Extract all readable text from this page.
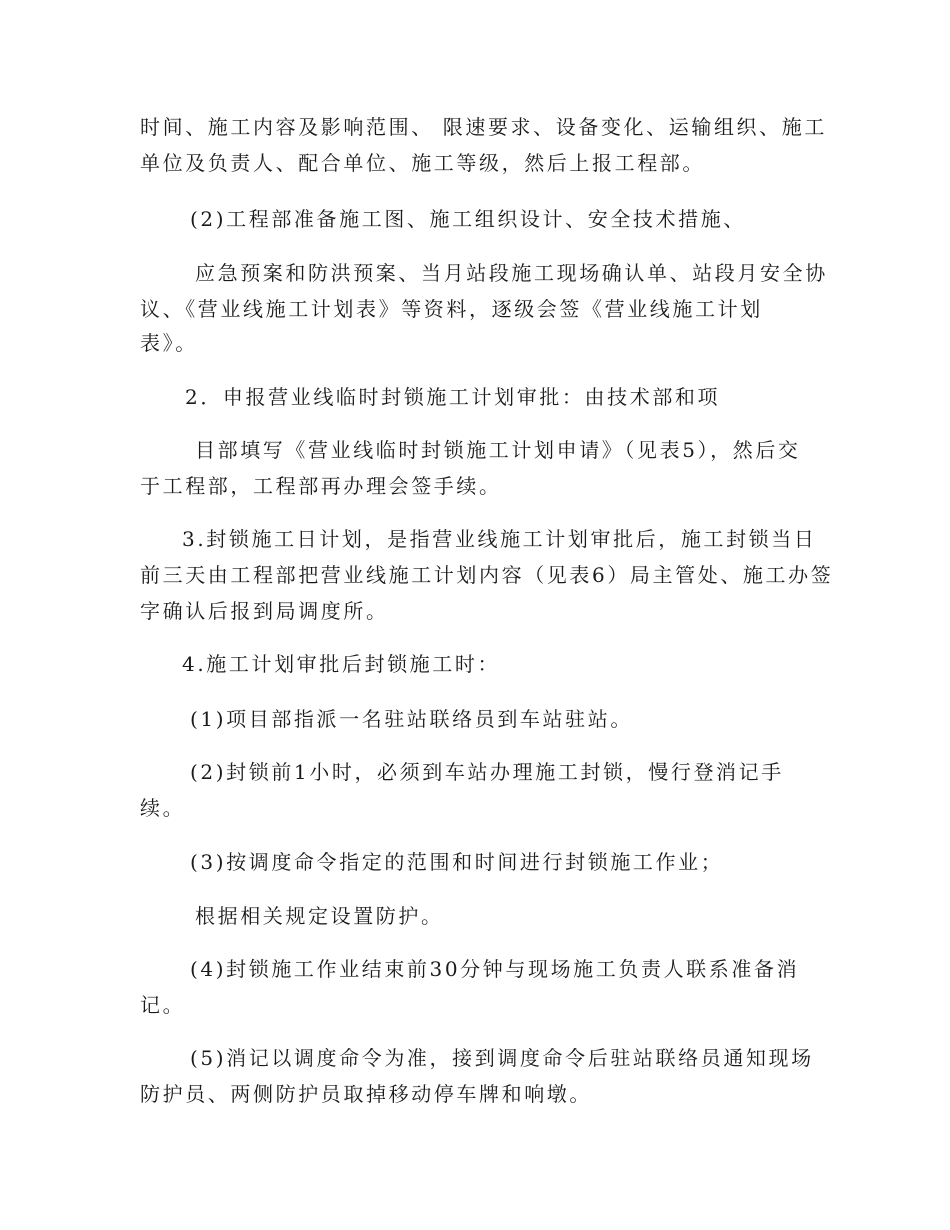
时间、施工内容及影响范围、 限速要求、设备变化、运输组织、施工
单位及负责人、配合单位、施工等级，然后上报工程部。
(2)工程部准备施工图、施工组织设计、安全技术措施、
应急预案和防洪预案、当月站段施工现场确认单、站段月安全协
议、《营业线施工计划表》等资料，逐级会签《营业线施工计划
表》。
2．申报营业线临时封锁施工计划审批：由技术部和项
目部填写《营业线临时封锁施工计划申请》（见表5），然后交
于工程部，工程部再办理会签手续。
3.封锁施工日计划，是指营业线施工计划审批后，施工封锁当日
前三天由工程部把营业线施工计划内容（见表6）局主管处、施工办签
字确认后报到局调度所。
4.施工计划审批后封锁施工时：
(1)项目部指派一名驻站联络员到车站驻站。
(2)封锁前1小时，必须到车站办理施工封锁，慢行登消记手
续。
(3)按调度命令指定的范围和时间进行封锁施工作业；
根据相关规定设置防护。
(4)封锁施工作业结束前30分钟与现场施工负责人联系准备消
记。
(5)消记以调度命令为准，接到调度命令后驻站联络员通知现场
防护员、两侧防护员取掉移动停车牌和响墩。
